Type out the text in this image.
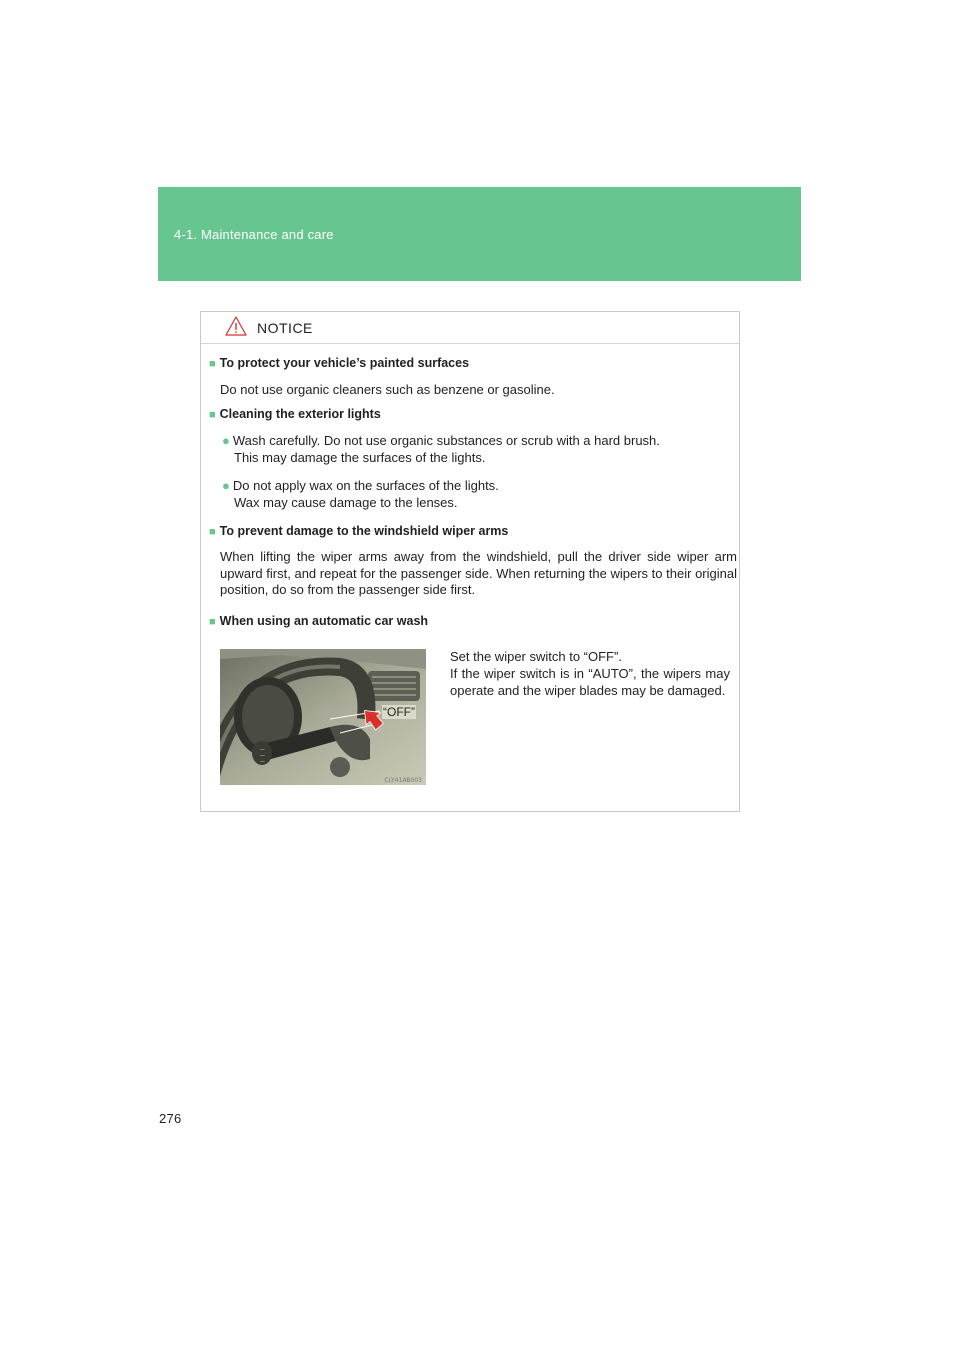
4-1. Maintenance and care
NOTICE
■ To protect your vehicle’s painted surfaces
Do not use organic cleaners such as benzene or gasoline.
■ Cleaning the exterior lights
● Wash carefully. Do not use organic substances or scrub with a hard brush.
This may damage the surfaces of the lights.
● Do not apply wax on the surfaces of the lights.
Wax may cause damage to the lenses.
■ To prevent damage to the windshield wiper arms
When lifting the wiper arms away from the windshield, pull the driver side wiper arm upward first, and repeat for the passenger side. When returning the wipers to their original position, do so from the passenger side first.
■ When using an automatic car wash
—
—
—
CLY41AB003
“OFF”
Set the wiper switch to “OFF”.
If the wiper switch is in “AUTO”, the wipers may operate and the wiper blades may be damaged.
276
